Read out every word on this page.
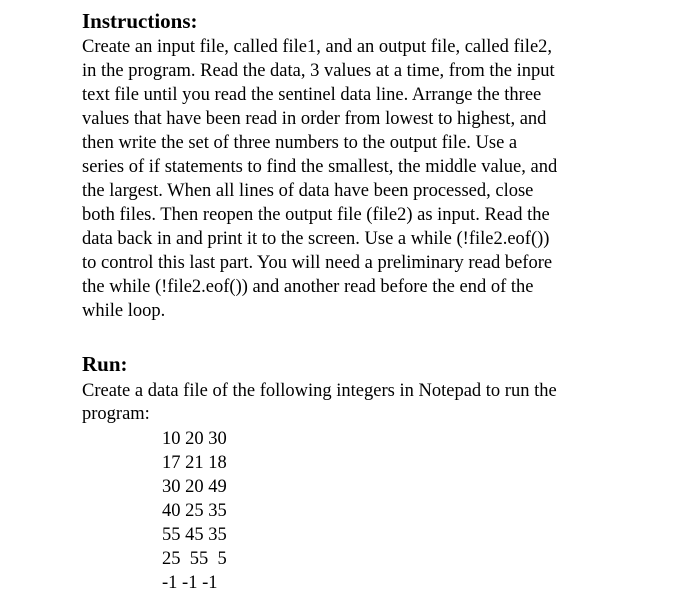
Instructions:
Create an input file, called file1, and an output file, called file2,
in the program. Read the data, 3 values at a time, from the input
text file until you read the sentinel data line. Arrange the three
values that have been read in order from lowest to highest, and
then write the set of three numbers to the output file. Use a
series of if statements to find the smallest, the middle value, and
the largest. When all lines of data have been processed, close
both files. Then reopen the output file (file2) as input. Read the
data back in and print it to the screen. Use a while (!file2.eof())
to control this last part. You will need a preliminary read before
the while (!file2.eof()) and another read before the end of the
while loop.
Run:
Create a data file of the following integers in Notepad to run the
program:
10 20 30
17 21 18
30 20 49
40 25 35
55 45 35
25  55  5
-1 -1 -1
